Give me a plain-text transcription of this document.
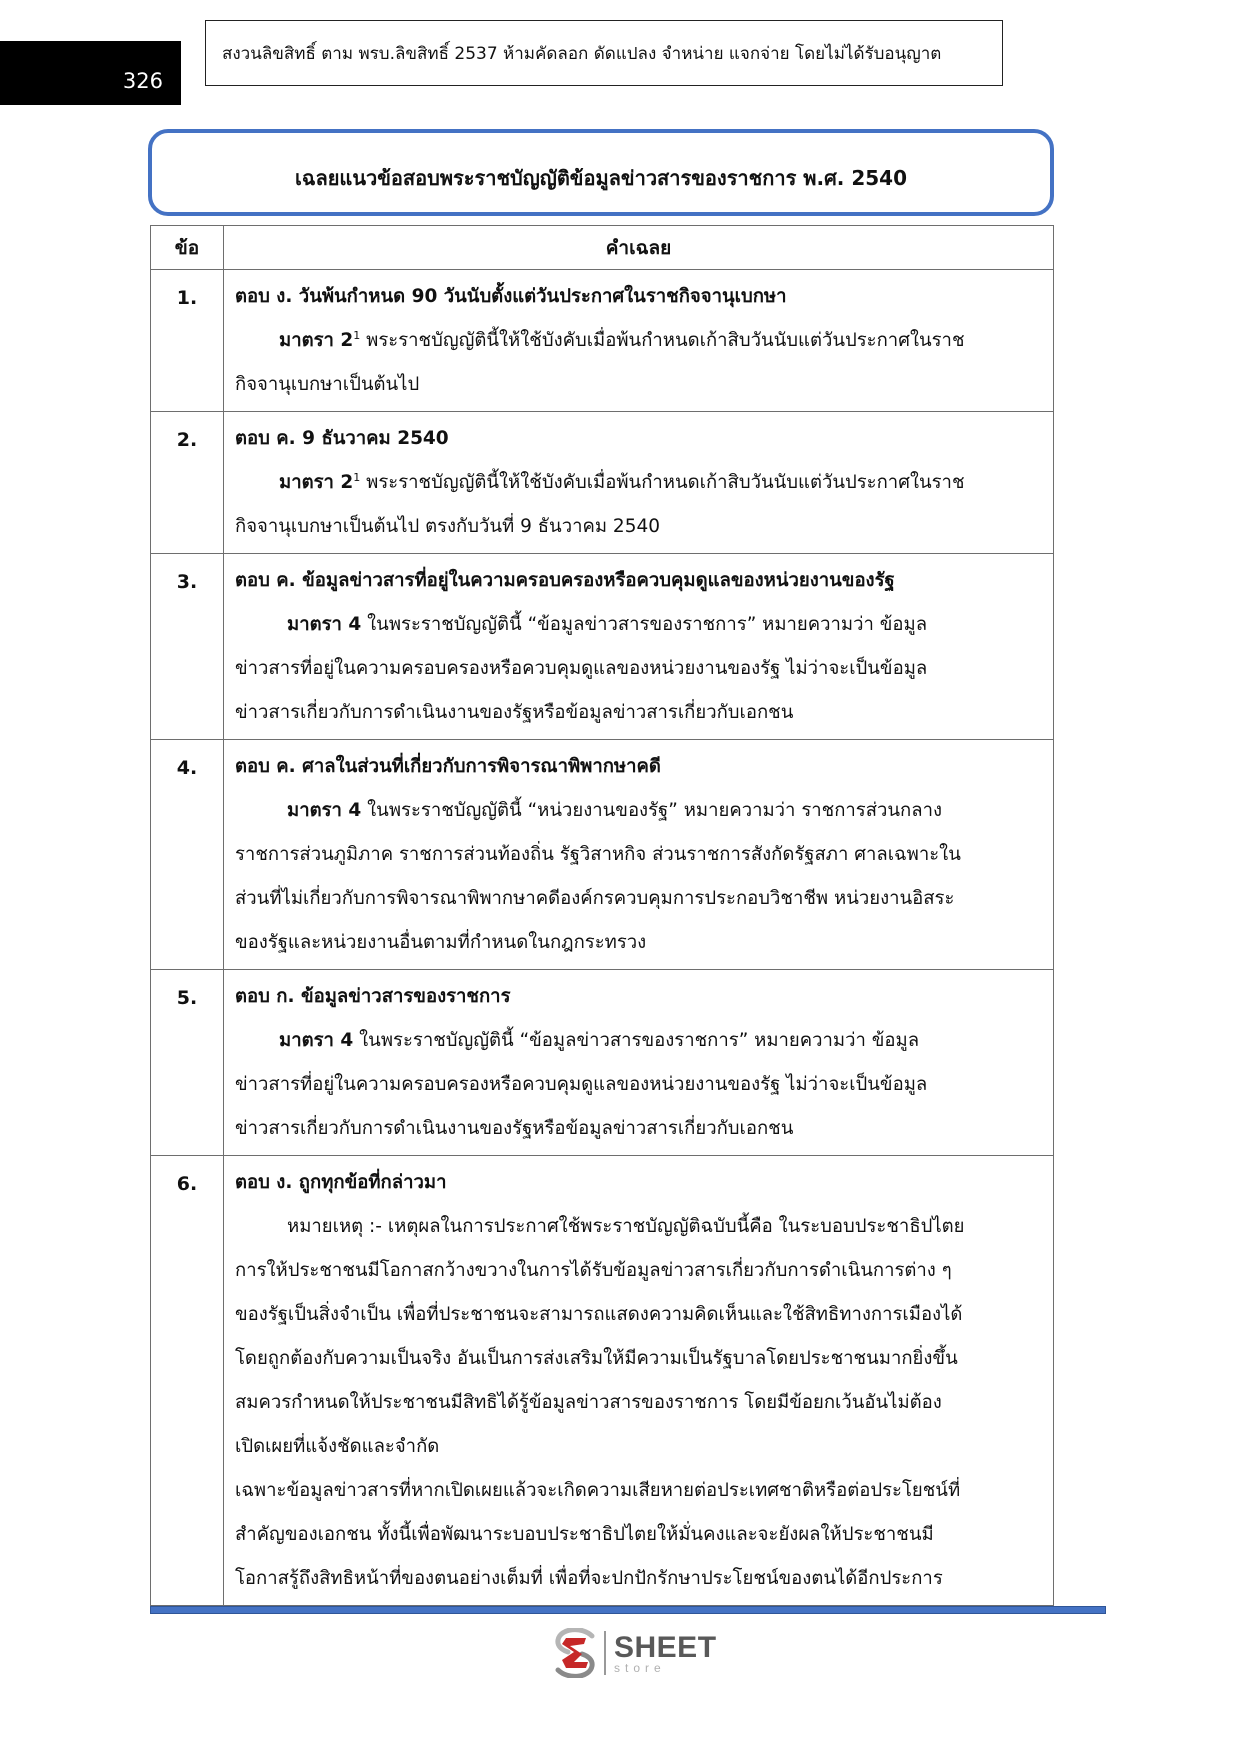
326
สงวนลิขสิทธิ์ ตาม พรบ.ลิขสิทธิ์ 2537 ห้ามคัดลอก ดัดแปลง จำหน่าย แจกจ่าย โดยไม่ได้รับอนุญาต
เฉลยแนวข้อสอบพระราชบัญญัติข้อมูลข่าวสารของราชการ พ.ศ. 2540
ข้อ	คำเฉลย
1.	ตอบ ง. วันพ้นกำหนด 90 วันนับตั้งแต่วันประกาศในราชกิจจานุเบกษา
มาตรา $2^1$ พระราชบัญญัตินี้ให้ใช้บังคับเมื่อพ้นกำหนดเก้าสิบวันนับแต่วันประกาศในราช
กิจจานุเบกษาเป็นต้นไป

2.	ตอบ ค. 9 ธันวาคม 2540
มาตรา $2^1$ พระราชบัญญัตินี้ให้ใช้บังคับเมื่อพ้นกำหนดเก้าสิบวันนับแต่วันประกาศในราช
กิจจานุเบกษาเป็นต้นไป ตรงกับวันที่ 9 ธันวาคม 2540

3.	ตอบ ค. ข้อมูลข่าวสารที่อยู่ในความครอบครองหรือควบคุมดูแลของหน่วยงานของรัฐ
มาตรา 4 ในพระราชบัญญัตินี้ “ข้อมูลข่าวสารของราชการ” หมายความว่า ข้อมูล
ข่าวสารที่อยู่ในความครอบครองหรือควบคุมดูแลของหน่วยงานของรัฐ ไม่ว่าจะเป็นข้อมูล
ข่าวสารเกี่ยวกับการดำเนินงานของรัฐหรือข้อมูลข่าวสารเกี่ยวกับเอกชน

4.	ตอบ ค. ศาลในส่วนที่เกี่ยวกับการพิจารณาพิพากษาคดี
มาตรา 4 ในพระราชบัญญัตินี้ “หน่วยงานของรัฐ” หมายความว่า ราชการส่วนกลาง
ราชการส่วนภูมิภาค ราชการส่วนท้องถิ่น รัฐวิสาหกิจ ส่วนราชการสังกัดรัฐสภา ศาลเฉพาะใน
ส่วนที่ไม่เกี่ยวกับการพิจารณาพิพากษาคดีองค์กรควบคุมการประกอบวิชาชีพ หน่วยงานอิสระ
ของรัฐและหน่วยงานอื่นตามที่กำหนดในกฎกระทรวง

5.	ตอบ ก. ข้อมูลข่าวสารของราชการ
มาตรา 4 ในพระราชบัญญัตินี้ “ข้อมูลข่าวสารของราชการ” หมายความว่า ข้อมูล
ข่าวสารที่อยู่ในความครอบครองหรือควบคุมดูแลของหน่วยงานของรัฐ ไม่ว่าจะเป็นข้อมูล
ข่าวสารเกี่ยวกับการดำเนินงานของรัฐหรือข้อมูลข่าวสารเกี่ยวกับเอกชน

6.	ตอบ ง. ถูกทุกข้อที่กล่าวมา
หมายเหตุ :- เหตุผลในการประกาศใช้พระราชบัญญัติฉบับนี้คือ ในระบอบประชาธิปไตย
การให้ประชาชนมีโอกาสกว้างขวางในการได้รับข้อมูลข่าวสารเกี่ยวกับการดำเนินการต่าง ๆ
ของรัฐเป็นสิ่งจำเป็น เพื่อที่ประชาชนจะสามารถแสดงความคิดเห็นและใช้สิทธิทางการเมืองได้
โดยถูกต้องกับความเป็นจริง อันเป็นการส่งเสริมให้มีความเป็นรัฐบาลโดยประชาชนมากยิ่งขึ้น
สมควรกำหนดให้ประชาชนมีสิทธิได้รู้ข้อมูลข่าวสารของราชการ โดยมีข้อยกเว้นอันไม่ต้อง
เปิดเผยที่แจ้งชัดและจำกัด
เฉพาะข้อมูลข่าวสารที่หากเปิดเผยแล้วจะเกิดความเสียหายต่อประเทศชาติหรือต่อประโยชน์ที่
สำคัญของเอกชน ทั้งนี้เพื่อพัฒนาระบอบประชาธิปไตยให้มั่นคงและจะยังผลให้ประชาชนมี
โอกาสรู้ถึงสิทธิหน้าที่ของตนอย่างเต็มที่ เพื่อที่จะปกปักรักษาประโยชน์ของตนได้อีกประการ
SHEET
store
